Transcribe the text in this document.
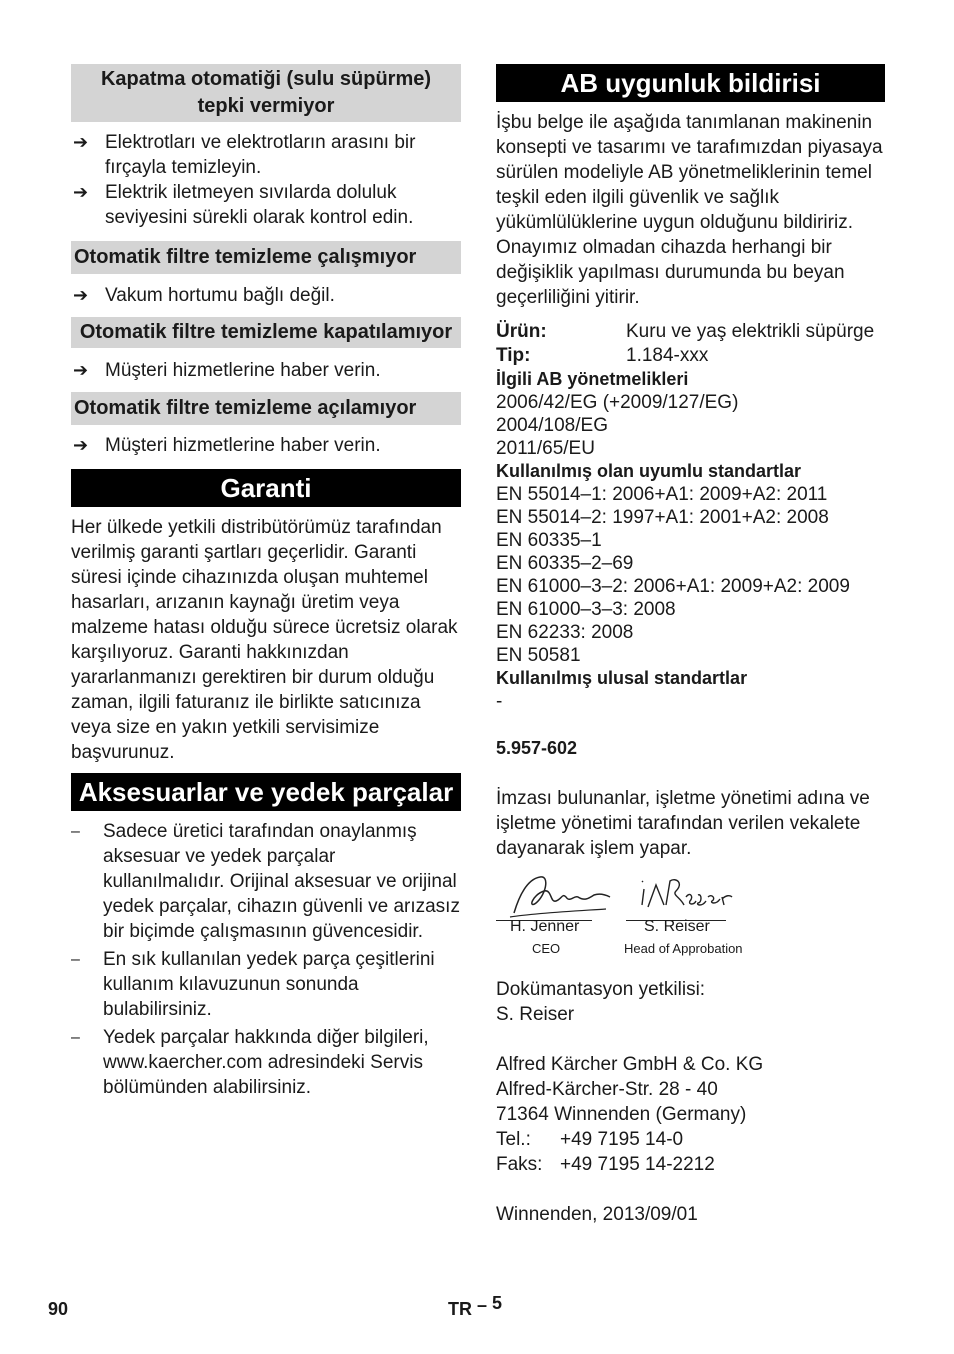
Kapatma otomatiği (sulu süpürme) tepki vermiyor
➔ Elektrotları ve elektrotların arasını bir fırçayla temizleyin.
➔ Elektrik iletmeyen sıvılarda doluluk seviyesini sürekli olarak kontrol edin.
Otomatik filtre temizleme çalışmıyor
➔ Vakum hortumu bağlı değil.
Otomatik filtre temizleme kapatılamıyor
➔ Müşteri hizmetlerine haber verin.
Otomatik filtre temizleme açılamıyor
➔ Müşteri hizmetlerine haber verin.
Garanti

Her ülkede yetkili distribütörümüz tarafından verilmiş garanti şartları geçerlidir. Garanti süresi içinde cihazınızda oluşan muhtemel hasarları, arızanın kaynağı üretim veya malzeme hatası olduğu sürece ücretsiz olarak karşılıyoruz. Garanti hakkınızdan yararlanmanızı gerektiren bir durum olduğu zaman, ilgili faturanız ile birlikte satıcınıza veya size en yakın yetkili servisimize başvurunuz.

Aksesuarlar ve yedek parçalar
–	Sadece üretici tarafından onaylanmış aksesuar ve yedek parçalar kullanılmalıdır. Orijinal aksesuar ve orijinal yedek parçalar, cihazın güvenli ve arızasız bir biçimde çalışmasının güvencesidir.
–	En sık kullanılan yedek parça çeşitlerini kullanım kılavuzunun sonunda bulabilirsiniz.
–	Yedek parçalar hakkında diğer bilgileri, www.kaercher.com adresindeki Servis bölümünden alabilirsiniz.
AB uygunluk bildirisi

İşbu belge ile aşağıda tanımlanan makinenin konsepti ve tasarımı ve tarafımızdan piyasaya sürülen modeliyle AB yönetmeliklerinin temel teşkil eden ilgili güvenlik ve sağlık yükümlülüklerine uygun olduğunu bildiririz. Onayımız olmadan cihazda herhangi bir değişiklik yapılması durumunda bu beyan geçerliliğini yitirir.

Ürün:	Kuru ve yaş elektrikli süpürge
Tip:	1.184-xxx
İlgili AB yönetmelikleri
2006/42/EG (+2009/127/EG)
2004/108/EG
2011/65/EU
Kullanılmış olan uyumlu standartlar
EN 55014–1: 2006+A1: 2009+A2: 2011
EN 55014–2: 1997+A1: 2001+A2: 2008
EN 60335–1
EN 60335–2–69
EN 61000–3–2: 2006+A1: 2009+A2: 2009
EN 61000–3–3: 2008
EN 62233: 2008
EN 50581
Kullanılmış ulusal standartlar
-
5.957-602

İmzası bulunanlar, işletme yönetimi adına ve işletme yönetimi tarafından verilen vekalete dayanarak işlem yapar.

H. Jenner
CEO
S. Reiser
Head of Approbation
Dokümantasyon yetkilisi:
S. Reiser
Alfred Kärcher GmbH & Co. KG
Alfred-Kärcher-Str. 28 - 40
71364 Winnenden (Germany)
Tel.:	+49 7195 14-0
Faks: +49 7195 14-2212
Winnenden, 2013/09/01
90	TR – 5
